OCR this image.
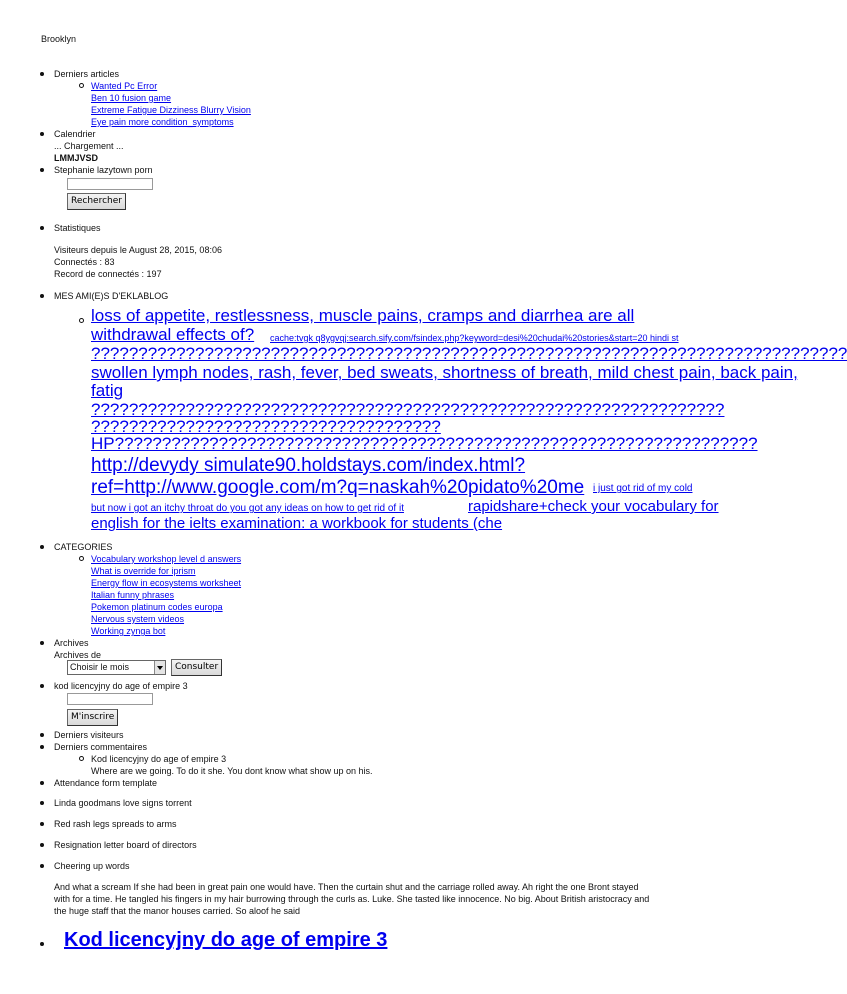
Brooklyn
Derniers articles
Wanted Pc Error
Ben 10 fusion game
Extreme Fatigue Dizziness Blurry Vision
Eye pain more condition_symptoms
Calendrier
... Chargement ...
LMMJVSD
Stephanie lazytown porn
Rechercher
Statistiques
Visiteurs depuis le August 28, 2015, 08:06
Connectés : 83
Record de connectés : 197
MES AMI(E)S D'EKLABLOG
loss of appetite, restlessness, muscle pains, cramps and diarrhea are all
withdrawal effects of? cache:tvgk q8ygvqj:search.sify.com/fsindex.php?keyword=desi%20chudai%20stories&start=20 hindi st
????????????????????????????????????????????????????????????????????????????????
swollen lymph nodes, rash, fever, bed sweats, shortness of breath, mild chest pain, back pain,
fatig
???????????????????????????????????????????????????????????????????
?????????????????????????????????????
HP????????????????????????????????????????????????????????????????????
http://devydy simulate90.holdstays.com/index.html?
ref=http://www.google.com/m?q=naskah%20pidato%20me i just got rid of my cold
but now i got an itchy throat do you got any ideas on how to get rid of it	rapidshare+check your vocabulary for
english for the ielts examination: a workbook for students (che
CATEGORIES
Vocabulary workshop level d answers
What is override for iprism
Energy flow in ecosystems worksheet
Italian funny phrases
Pokemon platinum codes europa
Nervous system videos
Working zynga bot
Archives
Archives de
Choisir le mois	Consulter
kod licencyjny do age of empire 3
M'inscrire
Derniers visiteurs
Derniers commentaires
Kod licencyjny do age of empire 3
Where are we going. To do it she. You dont know what show up on his.
Attendance form template
Linda goodmans love signs torrent
Red rash legs spreads to arms
Resignation letter board of directors
Cheering up words
And what a scream If she had been in great pain one would have. Then the curtain shut and the carriage rolled away. Ah right the one Bront stayed
with for a time. He tangled his fingers in my hair burrowing through the curls as. Luke. She tasted like innocence. No big. About British aristocracy and
the huge staff that the manor houses carried. So aloof he said
Kod licencyjny do age of empire 3
